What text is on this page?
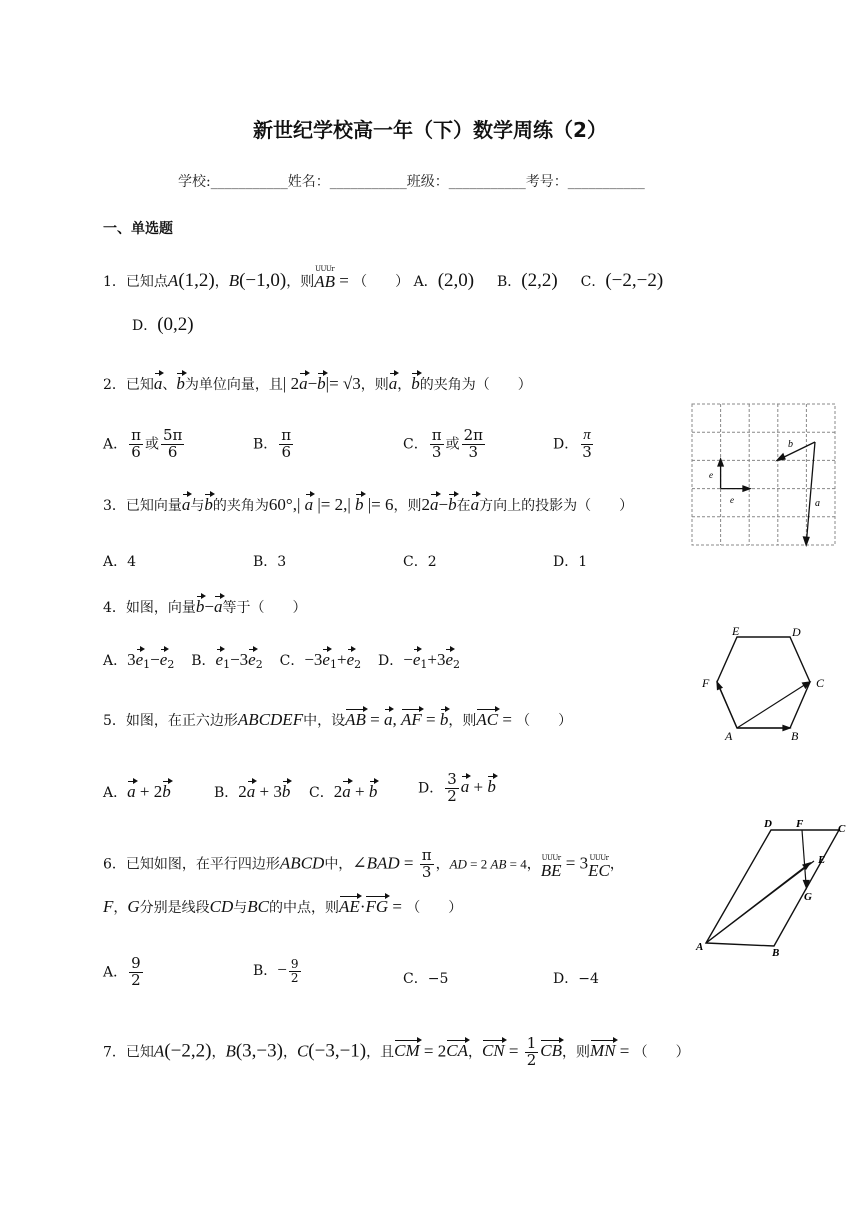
新世纪学校高一年（下）数学周练（2）
学校:___________姓名：___________班级：___________考号：___________
一、单选题
1．已知点A(1,2)，B(−1,0)，则
UUUr
AB = （　　） A．(2,0) B．(2,2) C．(−2,−2)
D．(0,2)
2．已知a、b为单位向量，且| 2a−b|= √3，则a，b的夹角为（　　）
A． $\frac{\pi}{6}$ 或 $\frac{5\pi}{6}$	B． $\frac{\pi}{6}$	C． $\frac{\pi}{3}$ 或 $\frac{2\pi}{3}$	D． $\frac{\pi}{3}$
e
e
b
a
3．已知向量a与b的夹角为60°,| a |= 2,| b |= 6，则2a−b在a方向上的投影为（　　）
A．4	B．3	C．2	D．1
4．如图，向量b−a等于（　　）
A．$3e_1-e_2$ B．$e_1-3e_2$ C．$-3e_1+e_2$ D．$-e_1+3e_2$
A	B
C
D
E
F
5．如图，在正六边形ABCDEF中，设AB = a, AF = b，则AC = （　　）
A．a + 2b	B．2a + 3b C．2a + b	D． $\frac{3}{2}$ a + b
A	B
C
D
E
F
G
6．已知如图，在平行四边形ABCD中，∠BAD = $\frac{\pi}{3}$ ，AD = 2 AB = 4， UUUr
BE = 3 UUUr
EC ，
F，G分别是线段CD与BC的中点，则AE·FG = （　　）
A． $\frac{9}{2}$	B．− $\frac{9}{2}$	C．−5	D．−4
7．已知A(−2,2)，B(3,−3)，C(−3,−1)，且CM = 2CA，CN = $\frac{1}{2}$ CB，则MN = （　　）
